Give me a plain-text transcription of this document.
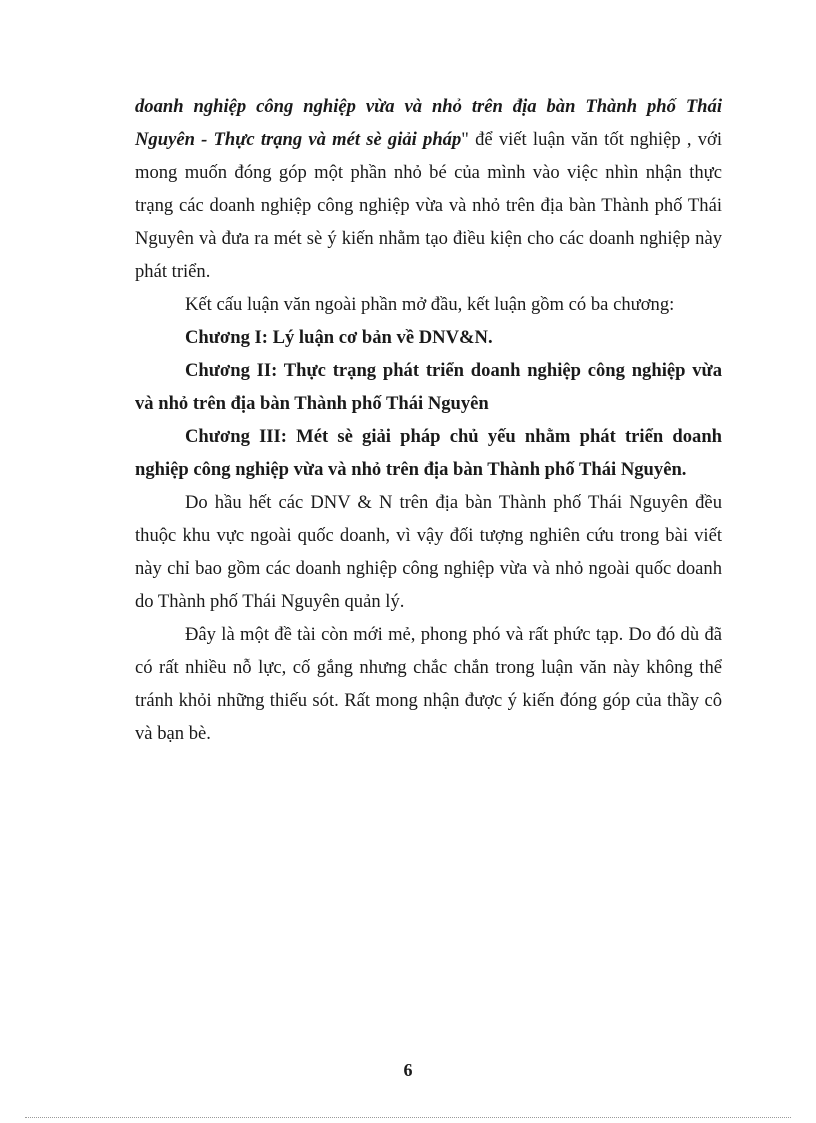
doanh nghiệp công nghiệp vừa và nhỏ trên địa bàn Thành phố Thái Nguyên - Thực trạng và mét sè giải pháp" để viết luận văn tốt nghiệp , với mong muốn đóng góp một phần nhỏ bé của mình vào việc nhìn nhận thực trạng các doanh nghiệp công nghiệp vừa và nhỏ trên địa bàn Thành phố Thái Nguyên và đưa ra mét sè ý kiến nhằm tạo điều kiện cho các doanh nghiệp này phát triển.

Kết cấu luận văn ngoài phần mở đầu, kết luận gồm có ba chương:

Chương I: Lý luận cơ bản về DNV&N.

Chương II: Thực trạng phát triển doanh nghiệp công nghiệp vừa và nhỏ trên địa bàn Thành phố Thái Nguyên

Chương III: Mét sè giải pháp chủ yếu nhằm phát triển doanh nghiệp công nghiệp vừa và nhỏ trên địa bàn Thành phố Thái Nguyên.

Do hầu hết các DNV & N trên địa bàn Thành phố Thái Nguyên đều thuộc khu vực ngoài quốc doanh, vì vậy đối tượng nghiên cứu trong bài viết này chỉ bao gồm các doanh nghiệp công nghiệp vừa và nhỏ ngoài quốc doanh do Thành phố Thái Nguyên quản lý.

Đây là một đề tài còn mới mẻ, phong phó và rất phức tạp. Do đó dù đã có rất nhiều nỗ lực, cố gắng nhưng chắc chắn trong luận văn này không thể tránh khỏi những thiếu sót. Rất mong nhận được ý kiến đóng góp của thầy cô và bạn bè.

6
